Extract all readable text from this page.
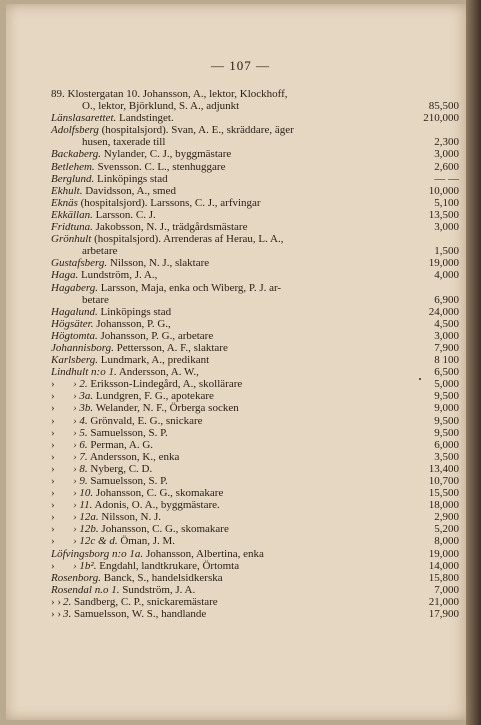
— 107 —
89. Klostergatan 10. Johansson, A., lektor, Klockhoff,
O., lektor, Björklund, S. A., adjunkt	85,500
Länslasarettet. Landstinget.	210,000
Adolfsberg (hospitalsjord). Svan, A. E., skräddare, äger
husen, taxerade till	2,300
Backaberg. Nylander, C. J., byggmästare	3,000
Betlehem. Svensson. C. L., stenhuggare	2,600
Berglund. Linköpings stad	— —
Ekhult. Davidsson, A., smed	10,000
Eknäs (hospitalsjord). Larssons, C. J., arfvingar	5,100
Ekkällan. Larsson. C. J.	13,500
Fridtuna. Jakobsson, N. J., trädgårdsmästare	3,000
Grönhult (hospitalsjord). Arrenderas af Herau, L. A.,
arbetare	1,500
Gustafsberg. Nilsson, N. J., slaktare	19,000
Haga. Lundström, J. A.,	4,000
Hagaberg. Larsson, Maja, enka och Wiberg, P. J. ar-
betare	6,900
Hagalund. Linköpings stad	24,000
Högsäter. Johansson, P. G.,	4,500
Högtomta. Johansson, P. G., arbetare	3,000
Johannisborg. Pettersson, A. F., slaktare	7,900
Karlsberg. Lundmark, A., predikant	8 100
Lindhult n:o 1. Andersson, A. W.,	6,500
› › 2. Eriksson-Lindegård, A., skollärare	5,000
› › 3a. Lundgren, F. G., apotekare	9,500
› › 3b. Welander, N. F., Örberga socken	9,000
› › 4. Grönvald, E. G., snickare	9,500
› › 5. Samuelsson, S. P.	9,500
› › 6. Perman, A. G.	6,000
› › 7. Andersson, K., enka	3,500
› › 8. Nyberg, C. D.	13,400
› › 9. Samuelsson, S. P.	10,700
› › 10. Johansson, C. G., skomakare	15,500
› › 11. Adonis, O. A., byggmästare.	18,000
› › 12a. Nilsson, N. J.	2,900
› › 12b. Johansson, C. G., skomakare	5,200
› › 12c & d. Öman, J. M.	8,000
Löfvingsborg n:o 1a. Johansson, Albertina, enka	19,000
› › 1b². Engdahl, landtkrukare, Örtomta	14,000
Rosenborg. Banck, S., handelsidkerska	15,800
Rosendal n.o 1. Sundström, J. A.	7,000
› › 2. Sandberg, C. P., snickaremästare	21,000
› › 3. Samuelsson, W. S., handlande	17,900
